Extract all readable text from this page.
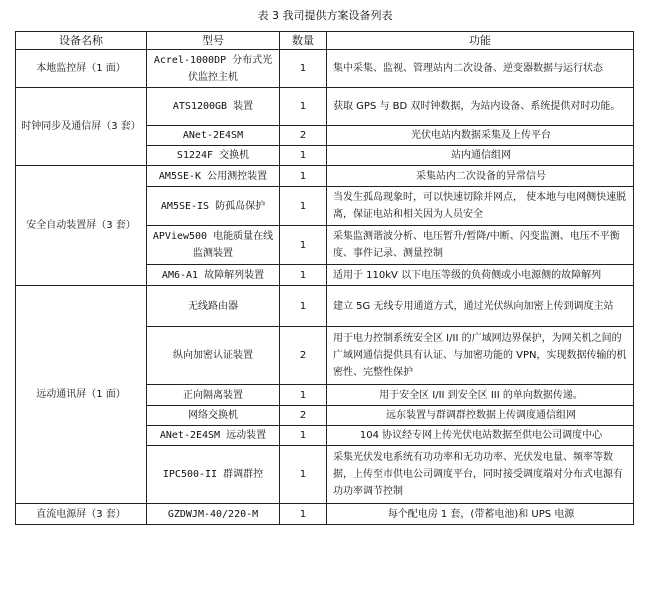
表 3 我司提供方案设备列表
设备名称	型号	数量	功能
本地监控屏（1 面）	Acrel-1000DP 分布式光伏监控主机	1	集中采集、监视、管理站内二次设备、逆变器数据与运行状态
时钟同步及通信屏（3 套）	ATS1200GB 装置	1	获取 GPS 与 BD 双时钟数据，为站内设备、系统提供对时功能。
	ANet-2E4SM	2	光伏电站内数据采集及上传平台
	S1224F 交换机	1	站内通信组网
安全自动装置屏（3 套）	AM5SE-K 公用测控装置	1	采集站内二次设备的异常信号
	AM5SE-IS 防孤岛保护	1	当发生孤岛现象时，可以快速切除并网点， 使本地与电网侧快速脱离，保证电站和相关因为人员安全
	APView500 电能质量在线监测装置	1	采集监测谐波分析、电压暂升/暂降/中断、闪变监测、电压不平衡度、事件记录、测量控制
	AM6-A1 故障解列装置	1	适用于 110kV 以下电压等级的负荷侧或小电源侧的故障解列
远动通讯屏（1 面）	无线路由器	1	建立 5G 无线专用通道方式，通过光伏纵向加密上传到调度主站
	纵向加密认证装置	2	用于电力控制系统安全区 I/II 的广域网边界保护，为网关机之间的广域网通信提供具有认证、与加密功能的 VPN，实现数据传输的机密性、完整性保护
	正向隔离装置	1	用于安全区 I/II 到安全区 III 的单向数据传递。
	网络交换机	2	远东装置与群调群控数据上传调度通信组网
	ANet-2E4SM 远动装置	1	104 协议经专网上传光伏电站数据至供电公司调度中心
	IPC500-II 群调群控	1	采集光伏发电系统有功功率和无功功率、光伏发电量、频率等数据，上传至市供电公司调度平台，同时接受调度端对分布式电源有功功率调节控制
直流电源屏（3 套）	GZDWJM-40/220-M	1	每个配电房 1 套，(带蓄电池)和 UPS 电源
